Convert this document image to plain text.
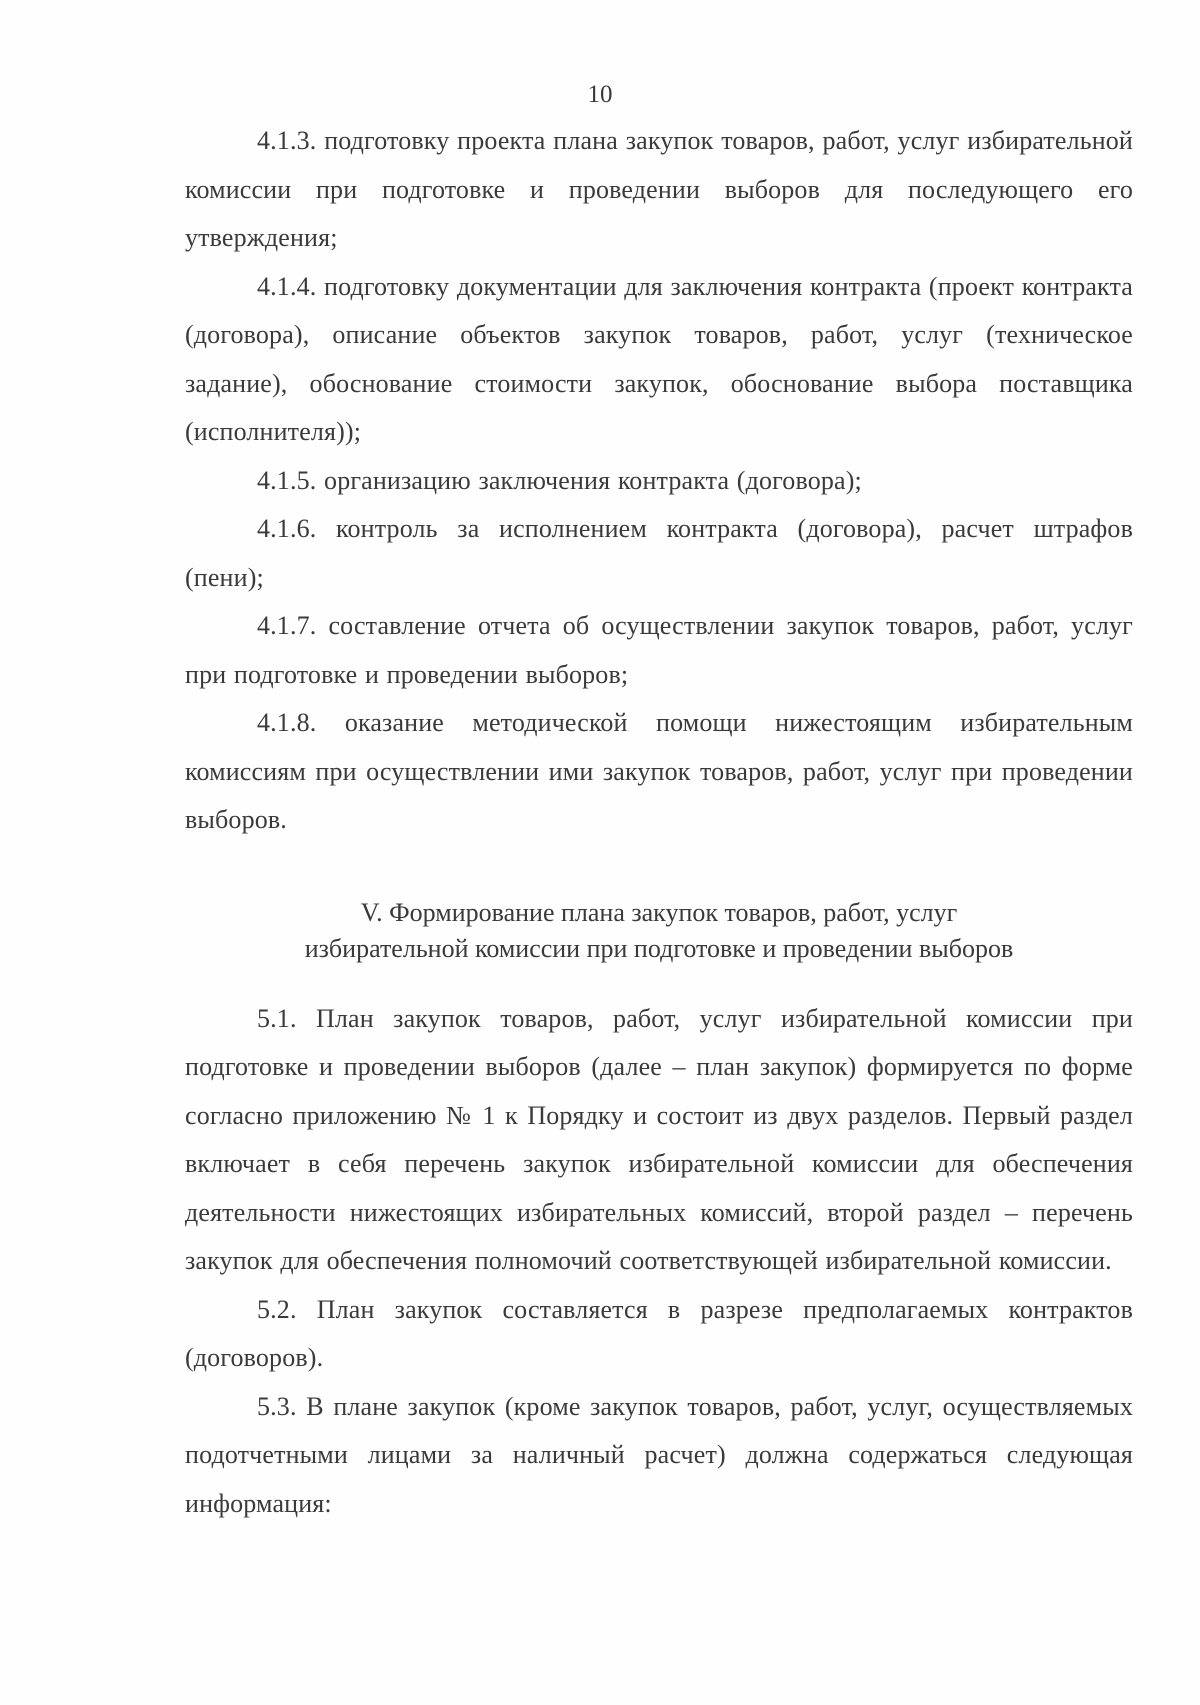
10

4.1.3. подготовку проекта плана закупок товаров, работ, услуг избирательной комиссии при подготовке и проведении выборов для последующего его утверждения;

4.1.4. подготовку документации для заключения контракта (проект контракта (договора), описание объектов закупок товаров, работ, услуг (техническое задание), обоснование стоимости закупок, обоснование выбора поставщика (исполнителя));

4.1.5. организацию заключения контракта (договора);

4.1.6. контроль за исполнением контракта (договора), расчет штрафов (пени);

4.1.7. составление отчета об осуществлении закупок товаров, работ, услуг при подготовке и проведении выборов;

4.1.8. оказание методической помощи нижестоящим избирательным комиссиям при осуществлении ими закупок товаров, работ, услуг при проведении выборов.

V. Формирование плана закупок товаров, работ, услуг
избирательной комиссии при подготовке и проведении выборов

5.1. План закупок товаров, работ, услуг избирательной комиссии при подготовке и проведении выборов (далее – план закупок) формируется по форме согласно приложению № 1 к Порядку и состоит из двух разделов. Первый раздел включает в себя перечень закупок избирательной комиссии для обеспечения деятельности нижестоящих избирательных комиссий, второй раздел – перечень закупок для обеспечения полномочий соответствующей избирательной комиссии.

5.2. План закупок составляется в разрезе предполагаемых контрактов (договоров).

5.3. В плане закупок (кроме закупок товаров, работ, услуг, осуществляемых подотчетными лицами за наличный расчет) должна содержаться следующая информация:
